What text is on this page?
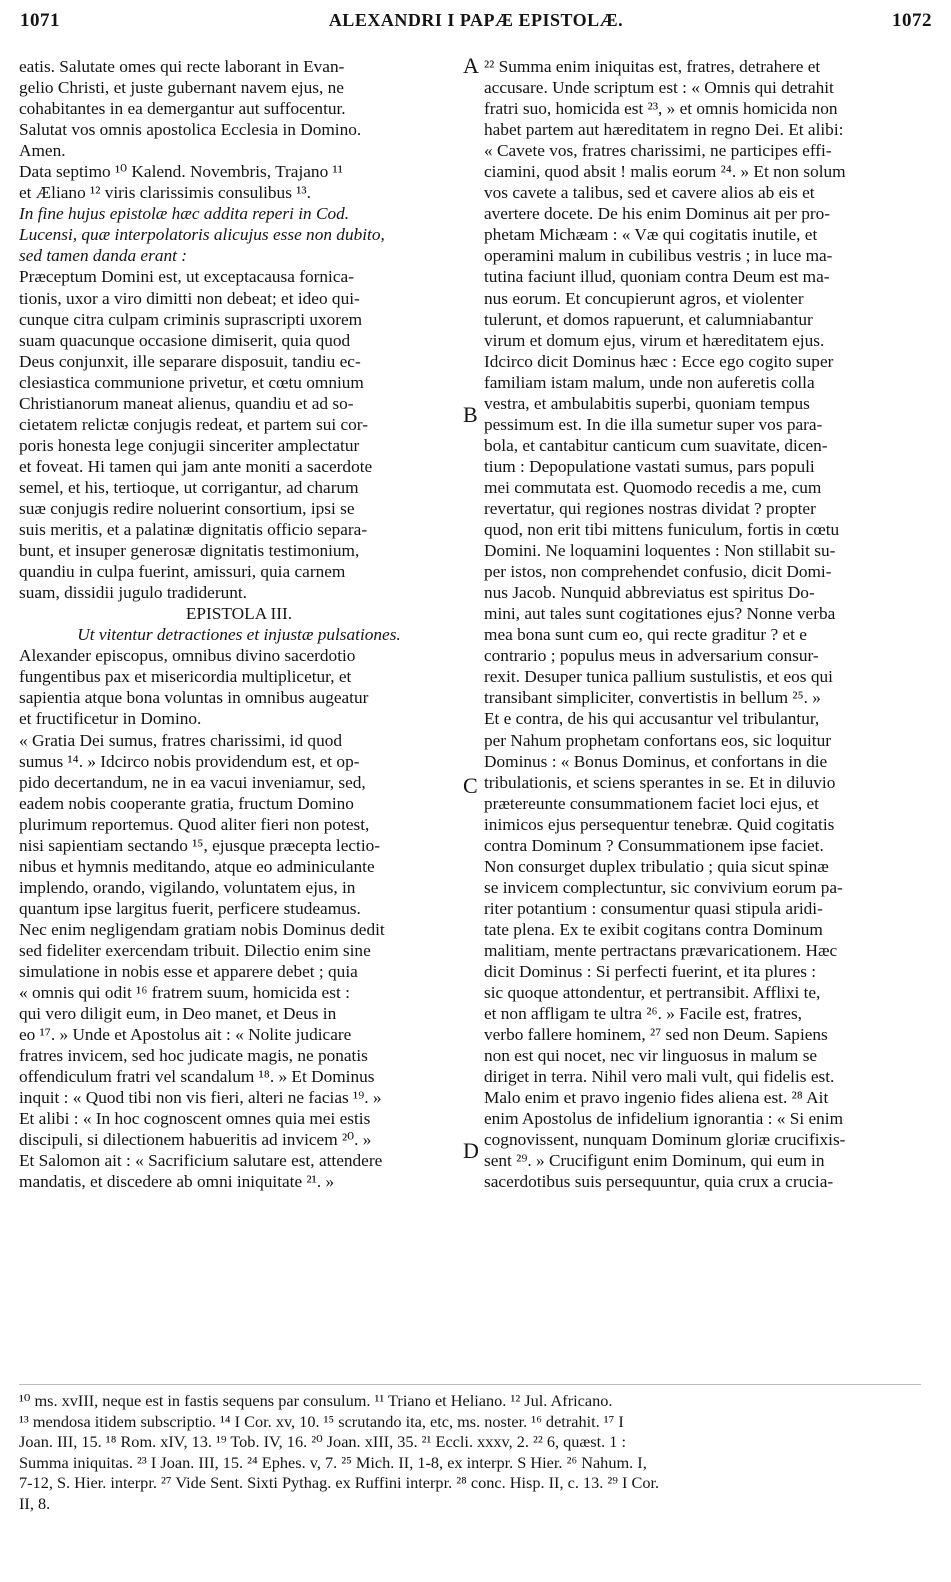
1071	ALEXANDRI I PAPÆ EPISTOLÆ.	1072
eatis. Salutate omes qui recte laborant in Evan-
gelio Christi, et juste gubernant navem ejus, ne
cohabitantes in ea demergantur aut suffocentur.
Salutat vos omnis apostolica Ecclesia in Domino.
Amen.
Data septimo ¹⁰ Kalend. Novembris, Trajano ¹¹
et Æliano ¹² viris clarissimis consulibus ¹³.
In fine hujus epistolæ hæc addita reperi in Cod.
Lucensi, quæ interpolatoris alicujus esse non dubito,
sed tamen danda erant :
Præceptum Domini est, ut exceptacausa fornica-
tionis, uxor a viro dimitti non debeat; et ideo qui-
cunque citra culpam criminis suprascripti uxorem
suam quacunque occasione dimiserit, quia quod
Deus conjunxit, ille separare disposuit, tandiu ec-
clesiastica communione privetur, et cœtu omnium
Christianorum maneat alienus, quandiu et ad so-
cietatem relictæ conjugis redeat, et partem sui cor-
poris honesta lege conjugii sinceriter amplectatur
et foveat. Hi tamen qui jam ante moniti a sacerdote
semel, et his, tertioque, ut corrigantur, ad charum
suæ conjugis redire noluerint consortium, ipsi se
suis meritis, et a palatinæ dignitatis officio separa-
bunt, et insuper generosæ dignitatis testimonium,
quandiu in culpa fuerint, amissuri, quia carnem
suam, dissidii jugulo tradiderunt.
EPISTOLA III.
Ut vitentur detractiones et injustæ pulsationes.
Alexander episcopus, omnibus divino sacerdotio
fungentibus pax et misericordia multiplicetur, et
sapientia atque bona voluntas in omnibus augeatur
et fructificetur in Domino.
« Gratia Dei sumus, fratres charissimi, id quod
sumus ¹⁴. » Idcirco nobis providendum est, et op-
pido decertandum, ne in ea vacui inveniamur, sed,
eadem nobis cooperante gratia, fructum Domino
plurimum reportemus. Quod aliter fieri non potest,
nisi sapientiam sectando ¹⁵, ejusque præcepta lectio-
nibus et hymnis meditando, atque eo adminiculante
implendo, orando, vigilando, voluntatem ejus, in
quantum ipse largitus fuerit, perficere studeamus.
Nec enim negligendam gratiam nobis Dominus dedit
sed fideliter exercendam tribuit. Dilectio enim sine
simulatione in nobis esse et apparere debet ; quia
« omnis qui odit ¹⁶ fratrem suum, homicida est :
qui vero diligit eum, in Deo manet, et Deus in
eo ¹⁷. » Unde et Apostolus ait : « Nolite judicare
fratres invicem, sed hoc judicate magis, ne ponatis
offendiculum fratri vel scandalum ¹⁸. » Et Dominus
inquit : « Quod tibi non vis fieri, alteri ne facias ¹⁹. »
Et alibi : « In hoc cognoscent omnes quia mei estis
discipuli, si dilectionem habueritis ad invicem ²⁰. »
Et Salomon ait : « Sacrificium salutare est, attendere
mandatis, et discedere ab omni iniquitate ²¹. »
²² Summa enim iniquitas est, fratres, detrahere et
accusare. Unde scriptum est : « Omnis qui detrahit
fratri suo, homicida est ²³, » et omnis homicida non
habet partem aut hæreditatem in regno Dei. Et alibi:
« Cavete vos, fratres charissimi, ne participes effi-
ciamini, quod absit ! malis eorum ²⁴. » Et non solum
vos cavete a talibus, sed et cavere alios ab eis et
avertere docete. De his enim Dominus ait per pro-
phetam Michæam : « Væ qui cogitatis inutile, et
operamini malum in cubilibus vestris ; in luce ma-
tutina faciunt illud, quoniam contra Deum est ma-
nus eorum. Et concupierunt agros, et violenter
tulerunt, et domos rapuerunt, et calumniabantur
virum et domum ejus, virum et hæreditatem ejus.
Idcirco dicit Dominus hæc : Ecce ego cogito super
familiam istam malum, unde non auferetis colla
vestra, et ambulabitis superbi, quoniam tempus
pessimum est. In die illa sumetur super vos para-
bola, et cantabitur canticum cum suavitate, dicen-
tium : Depopulatione vastati sumus, pars populi
mei commutata est. Quomodo recedis a me, cum
revertatur, qui regiones nostras dividat ? propter
quod, non erit tibi mittens funiculum, fortis in cœtu
Domini. Ne loquamini loquentes : Non stillabit su-
per istos, non comprehendet confusio, dicit Domi-
nus Jacob. Nunquid abbreviatus est spiritus Do-
mini, aut tales sunt cogitationes ejus? Nonne verba
mea bona sunt cum eo, qui recte graditur ? et e
contrario ; populus meus in adversarium consur-
rexit. Desuper tunica pallium sustulistis, et eos qui
transibant simpliciter, convertistis in bellum ²⁵. »
Et e contra, de his qui accusantur vel tribulantur,
per Nahum prophetam confortans eos, sic loquitur
Dominus : « Bonus Dominus, et confortans in die
tribulationis, et sciens sperantes in se. Et in diluvio
prætereunte consummationem faciet loci ejus, et
inimicos ejus persequentur tenebræ. Quid cogitatis
contra Dominum ? Consummationem ipse faciet.
Non consurget duplex tribulatio ; quia sicut spinæ
se invicem complectuntur, sic convivium eorum pa-
riter potantium : consumentur quasi stipula aridi-
tate plena. Ex te exibit cogitans contra Dominum
malitiam, mente pertractans prævaricationem. Hæc
dicit Dominus : Si perfecti fuerint, et ita plures :
sic quoque attondentur, et pertransibit. Afflixi te,
et non affligam te ultra ²⁶. » Facile est, fratres,
verbo fallere hominem, ²⁷ sed non Deum. Sapiens
non est qui nocet, nec vir linguosus in malum se
diriget in terra. Nihil vero mali vult, qui fidelis est.
Malo enim et pravo ingenio fides aliena est. ²⁸ Ait
enim Apostolus de infidelium ignorantia : « Si enim
cognovissent, nunquam Dominum gloriæ crucifixis-
sent ²⁹. » Crucifigunt enim Dominum, qui eum in
sacerdotibus suis persequuntur, quia crux a crucia-
A
B
C
D
¹⁰ ms. xvIII, neque est in fastis sequens par consulum. ¹¹ Triano et Heliano. ¹² Jul. Africano.
¹³ mendosa itidem subscriptio. ¹⁴ I Cor. xv, 10. ¹⁵ scrutando ita, etc, ms. noster. ¹⁶ detrahit. ¹⁷ I
Joan. III, 15. ¹⁸ Rom. xIV, 13. ¹⁹ Tob. IV, 16. ²⁰ Joan. xIII, 35. ²¹ Eccli. xxxv, 2. ²² 6, quæst. 1 :
Summa iniquitas. ²³ I Joan. III, 15. ²⁴ Ephes. v, 7. ²⁵ Mich. II, 1-8, ex interpr. S Hier. ²⁶ Nahum. I,
7-12, S. Hier. interpr. ²⁷ Vide Sent. Sixti Pythag. ex Ruffini interpr. ²⁸ conc. Hisp. II, c. 13. ²⁹ I Cor.
II, 8.
